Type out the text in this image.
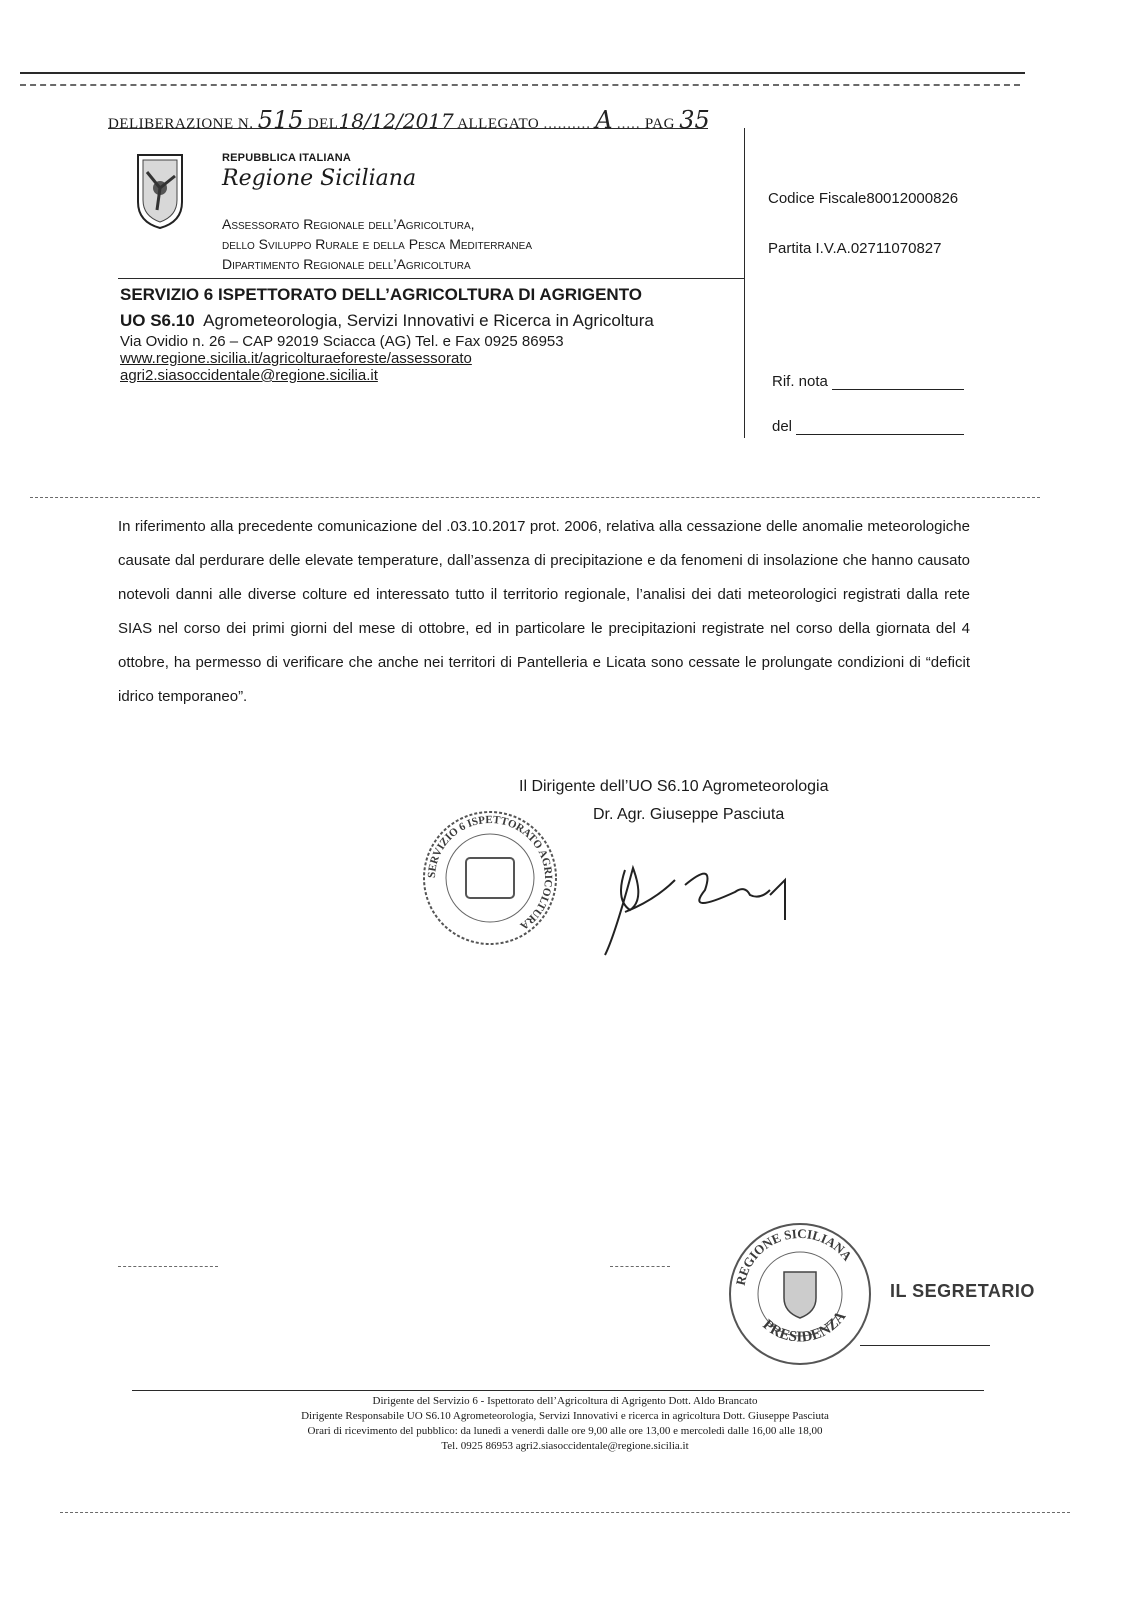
DELIBERAZIONE N. 515 DEL18/12/2017 ALLEGATO .......... A ..... PAG 35
REPUBBLICA ITALIANA
Regione Siciliana
Assessorato Regionale dell’Agricoltura,
dello Sviluppo Rurale e della Pesca Mediterranea
Dipartimento Regionale dell’Agricoltura
SERVIZIO 6 ISPETTORATO DELL’AGRICOLTURA DI AGRIGENTO
UO S6.10 Agrometeorologia, Servizi Innovativi e Ricerca in Agricoltura
Via Ovidio n. 26 – CAP 92019 Sciacca (AG) Tel. e Fax 0925 86953
www.regione.sicilia.it/agricolturaeforeste/assessorato
agri2.siasoccidentale@regione.sicilia.it
Codice Fiscale80012000826
Partita I.V.A.02711070827
Rif. nota
del

In riferimento alla precedente comunicazione del .03.10.2017 prot. 2006, relativa alla cessazione delle anomalie meteorologiche causate dal perdurare delle elevate temperature, dall’assenza di precipitazione e da fenomeni di insolazione che hanno causato notevoli danni alle diverse colture ed interessato tutto il territorio regionale, l’analisi dei dati meteorologici registrati dalla rete SIAS nel corso dei primi giorni del mese di ottobre, ed in particolare le precipitazioni registrate nel corso della giornata del 4 ottobre, ha permesso di verificare che anche nei territori di Pantelleria e Licata sono cessate le prolungate condizioni di “deficit idrico temporaneo”.

Il Dirigente dell’UO S6.10 Agrometeorologia
Dr. Agr. Giuseppe Pasciuta
SERVIZIO 6 ISPETTORATO AGRICOLTURA
REGIONE SICILIANA
PRESIDENZA
IL SEGRETARIO
Dirigente del Servizio 6 - Ispettorato dell’Agricoltura di Agrigento Dott. Aldo Brancato
Dirigente Responsabile UO S6.10 Agrometeorologia, Servizi Innovativi e ricerca in agricoltura Dott. Giuseppe Pasciuta
Orari di ricevimento del pubblico: da lunedì a venerdì dalle ore 9,00 alle ore 13,00 e mercoledì dalle 16,00 alle 18,00
Tel. 0925 86953 agri2.siasoccidentale@regione.sicilia.it
